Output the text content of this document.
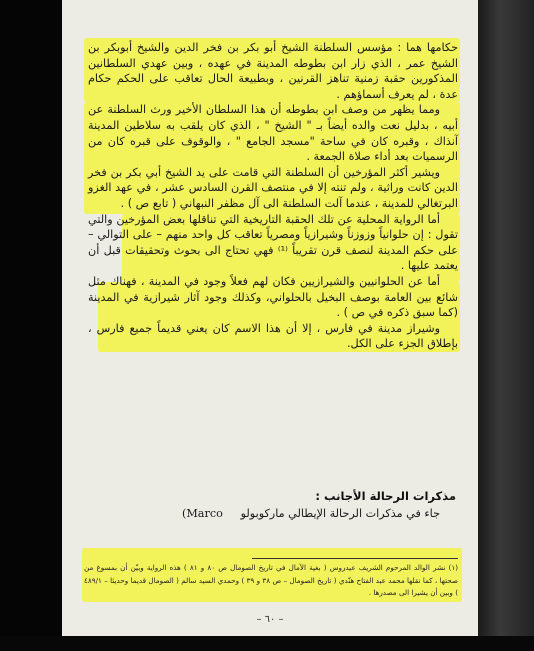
حكامها هما : مؤسس السلطنة الشيخ أبو بكر بن فخر الدين والشيخ أبوبكر بن الشيخ عمر ، الذي زار ابن بطوطه المدينة في عهده ، وبين عهدي السلطانين المذكورين حقبة زمنية تناهز القرنين ، وبطبيعة الحال تعاقب على الحكم حكام عدة ، لم يعرف أسماؤهم .

ومما يظهر من وصف ابن بطوطه أن هذا السلطان الأخير ورث السلطنة عن أبيه ، بدليل نعت والده أيضاً بـ " الشيخ " ، الذي كان يلقب به سلاطين المدينة آنذاك ، وقبره كان في ساحة "مسجد الجامع " ، والوقوف على قبره كان من الرسميات بعد أداء صلاة الجمعة .

ويشير أكثر المؤرخين أن السلطنة التي قامت على يد الشيخ أبي بكر بن فخر الدين كانت وراثية ، ولم تنته إلا في منتصف القرن السادس عشر ، في عهد الغزو البرتغالي للمدينة ، عندما آلت السلطنة الى آل مظفر النبهاني ( تابع ص ) .

أما الرواية المحلية عن تلك الحقبة التاريخية التي تناقلها بعض المؤرخين والتي تقول : إن حلوانياً وزوزناً وشيرازياً ومصرياً تعاقب كل واحد منهم – على التوالي – على حكم المدينة لنصف قرن تقريباً ⁽¹⁾ فهي تحتاج الى بحوث وتحقيقات قبل أن يعتمد عليها .

أما عن الحلوانيين والشيرازيين فكان لهم فعلاً وجود في المدينة ، فهناك مثل شائع بين العامة بوصف البخيل بالحلواني، وكذلك وجود آثار شيرازية في المدينة (كما سبق ذكره في ص ) .

وشيراز مدينة في فارس ، إلا أن هذا الاسم كان يعني قديماً جميع فارس ، بإطلاق الجزء على الكل.

مذكرات الرحالة الأجانب :

جاء في مذكرات الرحالة الإيطالي ماركوبولو     (Marco

(١) نشر الوالد المرحوم الشريف عيدروس ( بغية الآمال في تاريخ الصومال ص ٨٠ و ٨١ ) هذه الرواية وبيّن أن بمسوغ من صحتها ، كما نقلها محمد عبد الفتاح هنّدي ( تاريخ الصومال – ص ٣٨ و ٣٩ ) وحمدي السيد سالم ( الصومال قديما وحديثا – ٤٨٩/١ ) وبين أن يشيرا الى مصدرها .
– ٦٠ –
